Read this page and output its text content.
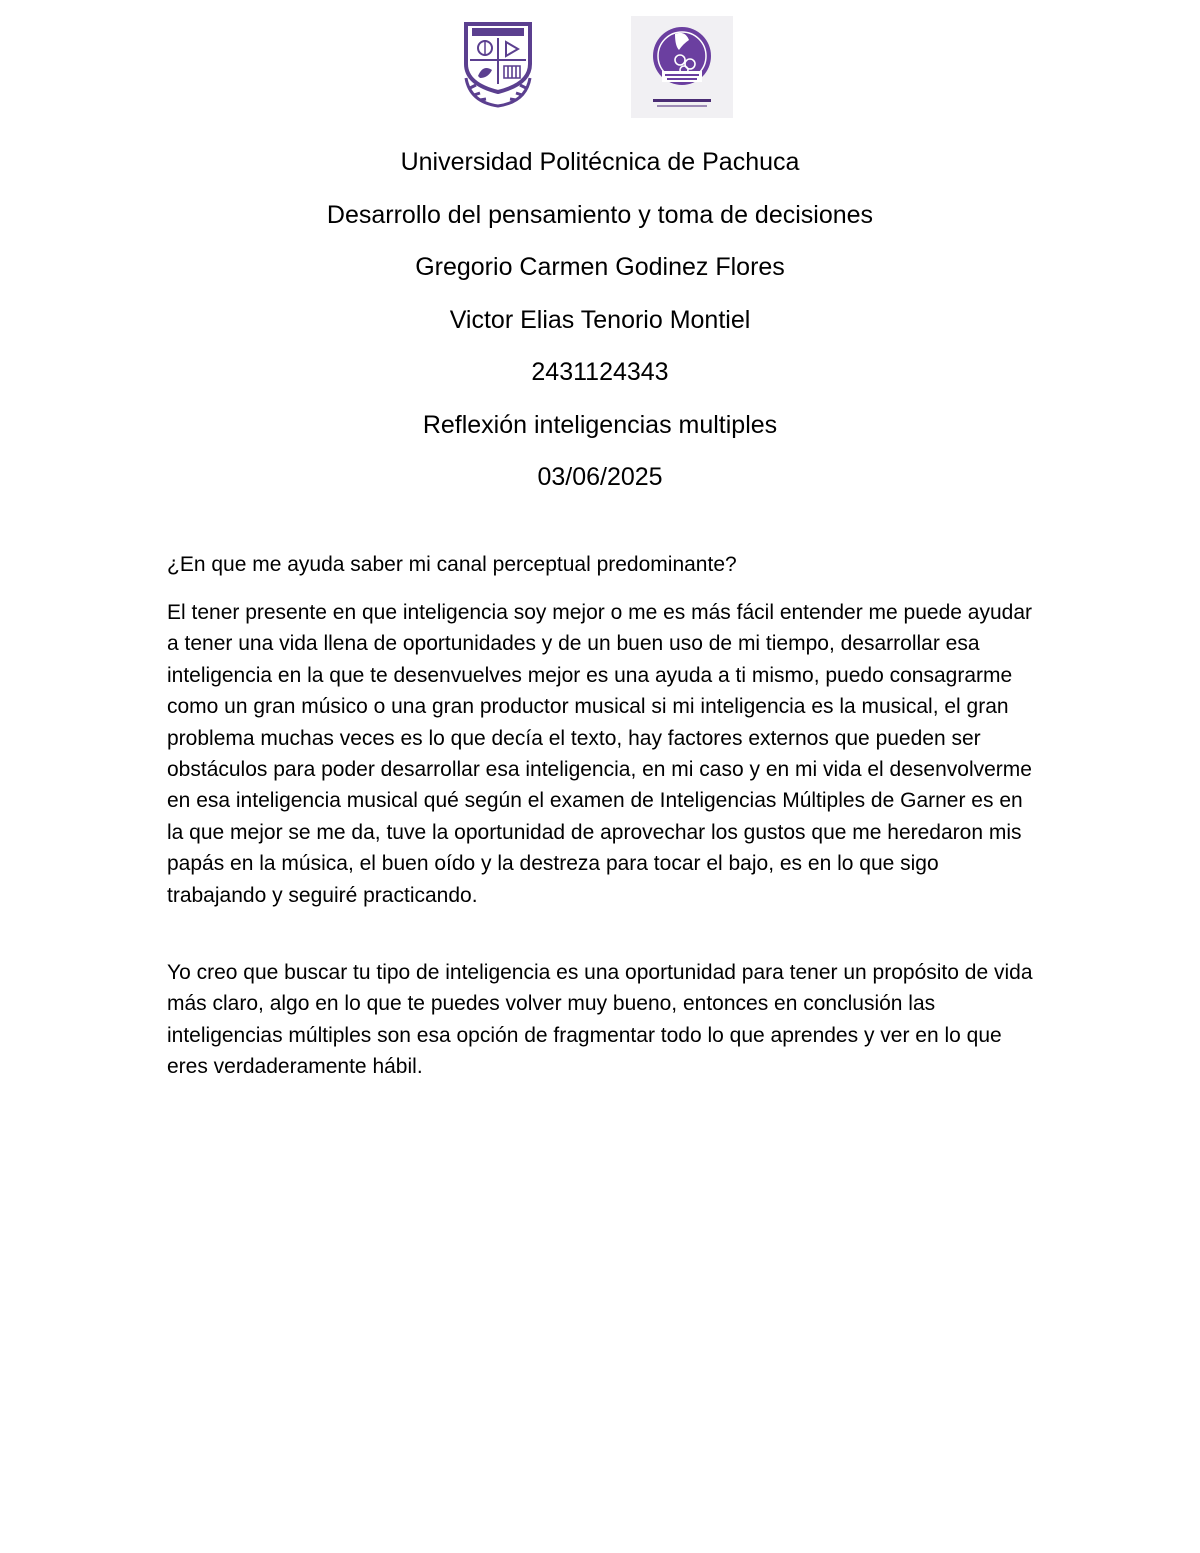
Universidad Politécnica de Pachuca
Desarrollo del pensamiento y toma de decisiones
Gregorio Carmen Godinez Flores
Victor Elias Tenorio Montiel
2431124343
Reflexión inteligencias multiples
03/06/2025
¿En que me ayuda saber mi canal perceptual predominante?

El tener presente en que inteligencia soy mejor o me es más fácil entender me puede ayudar a tener una vida llena de oportunidades y de un buen uso de mi tiempo, desarrollar esa inteligencia en la que te desenvuelves mejor es una ayuda a ti mismo, puedo consagrarme como un gran músico o una gran productor musical si mi inteligencia es la musical, el gran problema muchas veces es lo que decía el texto, hay factores externos que pueden ser obstáculos para poder desarrollar esa inteligencia, en mi caso y en mi vida el desenvolverme en esa inteligencia musical qué según el examen de Inteligencias Múltiples de Garner es en la que mejor se me da, tuve la oportunidad de aprovechar los gustos que me heredaron mis papás en la música, el buen oído y la destreza para tocar el bajo, es en lo que sigo trabajando y seguiré practicando.

Yo creo que buscar tu tipo de inteligencia es una oportunidad para tener un propósito de vida más claro, algo en lo que te puedes volver muy bueno, entonces en conclusión las inteligencias múltiples son esa opción de fragmentar todo lo que aprendes y ver en lo que eres verdaderamente hábil.
